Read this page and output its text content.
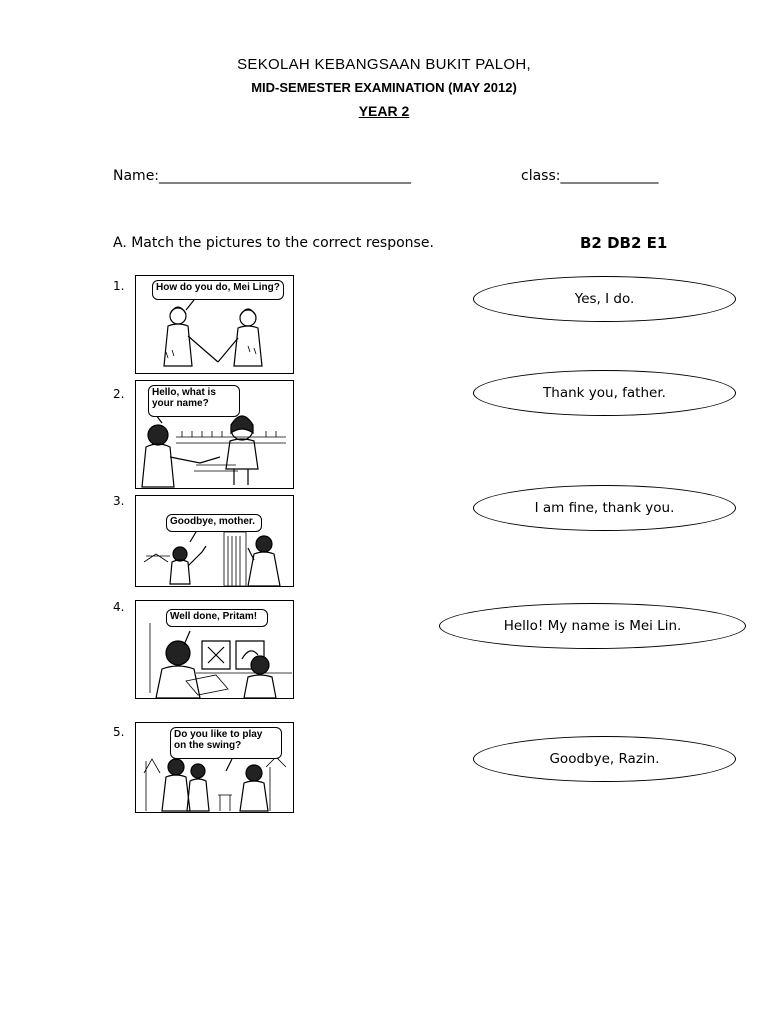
SEKOLAH KEBANGSAAN BUKIT PALOH,
MID-SEMESTER EXAMINATION (MAY 2012)
YEAR 2
Name:____________________________________	class:______________
A. Match the pictures to the correct response.	B2 DB2 E1
1.	How do you do, Mei Ling?
2.	Hello, what is
your name?
3.
Goodbye, mother.
4.
Well done, Pritam!
5.	Do you like to play
on the swing?
Yes, I do.
Thank you, father.
I am fine, thank you.
Hello! My name is Mei Lin.
Goodbye, Razin.
